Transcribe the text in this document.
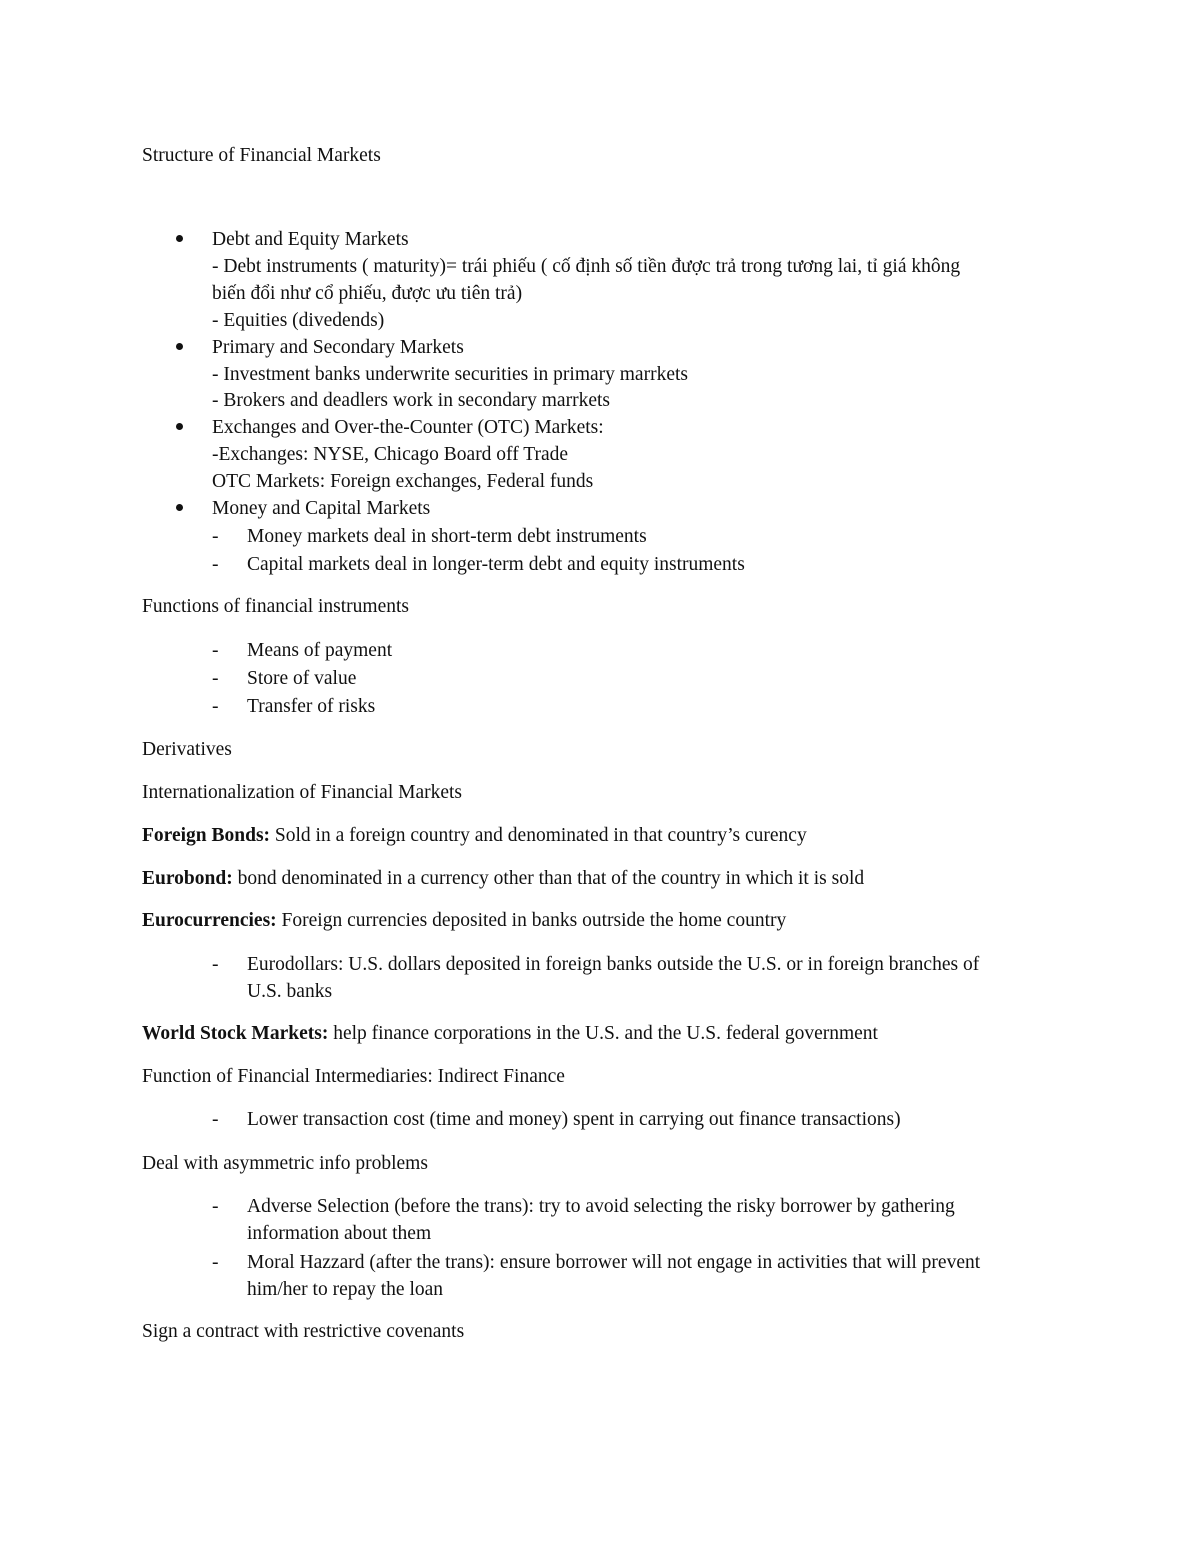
Structure of Financial Markets
Debt and Equity Markets
- Debt instruments ( maturity)= trái phiếu ( cố định số tiền được trả trong tương lai, tỉ giá không
biến đổi như cổ phiếu, được ưu tiên trả)
- Equities (divedends)
Primary and Secondary Markets
- Investment banks underwrite securities in primary marrkets
- Brokers and deadlers work in secondary marrkets
Exchanges and Over-the-Counter (OTC) Markets:
-Exchanges: NYSE, Chicago Board off Trade
OTC Markets: Foreign exchanges, Federal funds
Money and Capital Markets
- Money markets deal in short-term debt instruments
- Capital markets deal in longer-term debt and equity instruments
Functions of financial instruments
- Means of payment
- Store of value
- Transfer of risks
Derivatives
Internationalization of Financial Markets
Foreign Bonds: Sold in a foreign country and denominated in that country’s curency
Eurobond: bond denominated in a currency other than that of the country in which it is sold
Eurocurrencies: Foreign currencies deposited in banks outrside the home country
- Eurodollars: U.S. dollars deposited in foreign banks outside the U.S. or in foreign branches of
U.S. banks
World Stock Markets: help finance corporations in the U.S. and the U.S. federal government
Function of Financial Intermediaries: Indirect Finance
- Lower transaction cost (time and money) spent in carrying out finance transactions)
Deal with asymmetric info problems
- Adverse Selection (before the trans): try to avoid selecting the risky borrower by gathering
information about them
- Moral Hazzard (after the trans): ensure borrower will not engage in activities that will prevent
him/her to repay the loan
Sign a contract with restrictive covenants
